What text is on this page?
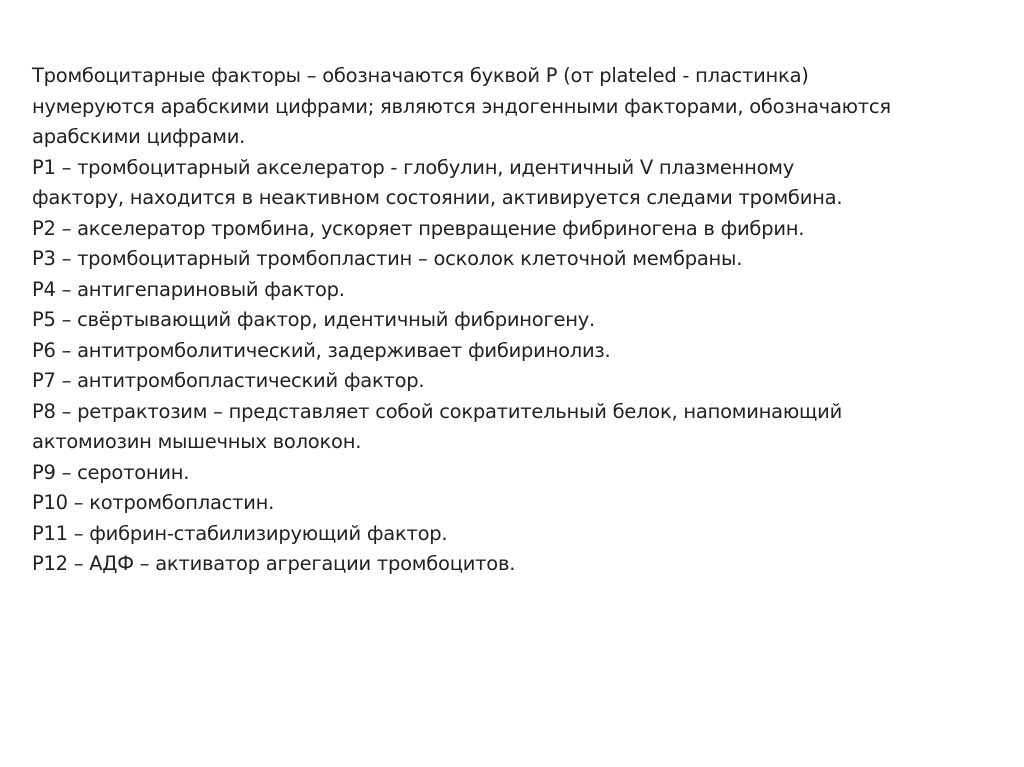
Тромбоцитарные факторы – обозначаются буквой Р (от plateled - пластинка)
нумеруются арабскими цифрами; являются эндогенными факторами, обозначаются
арабскими цифрами.
Р1 – тромбоцитарный акселератор - глобулин, идентичный V плазменному
фактору, находится в неактивном состоянии, активируется следами тромбина.
Р2 – акселератор тромбина, ускоряет превращение фибриногена в фибрин.
Р3 – тромбоцитарный тромбопластин – осколок клеточной мембраны.
Р4 – антигепариновый фактор.
Р5 – свёртывающий фактор, идентичный фибриногену.
Р6 – антитромболитический, задерживает фибиринолиз.
Р7 – антитромбопластический фактор.
Р8 – ретрактозим – представляет собой сократительный белок, напоминающий
актомиозин мышечных волокон.
Р9 – серотонин.
Р10 – котромбопластин.
Р11 – фибрин-стабилизирующий фактор.
Р12 – АДФ – активатор агрегации тромбоцитов.
